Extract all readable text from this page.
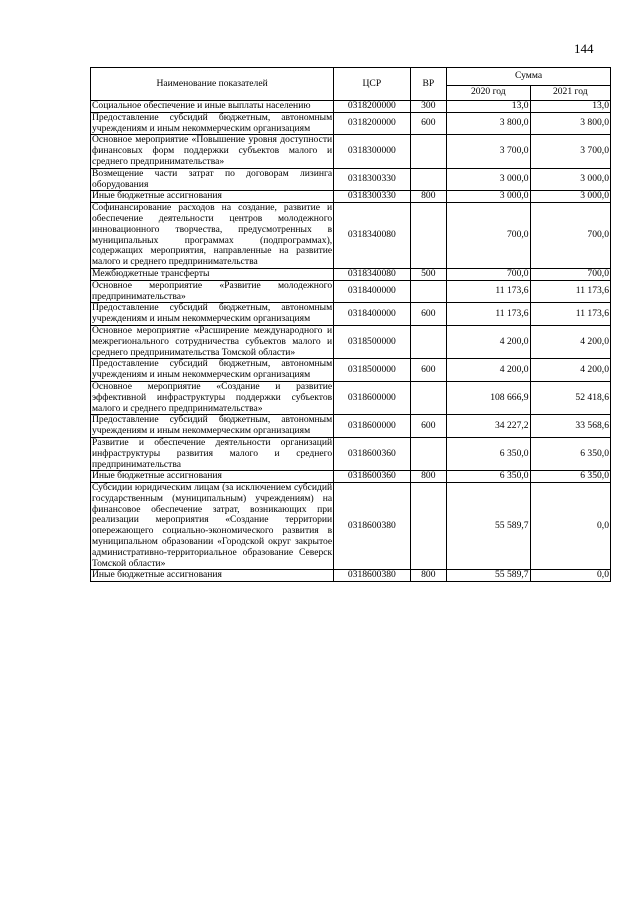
144
Наименование показателей	ЦСР	ВР	Сумма	
			2020 год	2021 год
Социальное обеспечение и иные выплаты населению	0318200000	300	13,0	13,0
Предоставление субсидий бюджетным, автономным учреждениям и иным некоммерческим организациям	0318200000	600	3 800,0	3 800,0
Основное мероприятие «Повышение уровня доступности финансовых форм поддержки субъектов малого и среднего предпринимательства»	0318300000		3 700,0	3 700,0
Возмещение части затрат по договорам лизинга оборудования	0318300330		3 000,0	3 000,0
Иные бюджетные ассигнования	0318300330	800	3 000,0	3 000,0
Софинансирование расходов на создание, развитие и обеспечение деятельности центров молодежного инновационного творчества, предусмотренных в муниципальных программах (подпрограммах), содержащих мероприятия, направленные на развитие малого и среднего предпринимательства	0318340080		700,0	700,0
Межбюджетные трансферты	0318340080	500	700,0	700,0
Основное мероприятие «Развитие молодежного предпринимательства»	0318400000		11 173,6	11 173,6
Предоставление субсидий бюджетным, автономным учреждениям и иным некоммерческим организациям	0318400000	600	11 173,6	11 173,6
Основное мероприятие «Расширение международного и межрегионального сотрудничества субъектов малого и среднего предпринимательства Томской области»	0318500000		4 200,0	4 200,0
Предоставление субсидий бюджетным, автономным учреждениям и иным некоммерческим организациям	0318500000	600	4 200,0	4 200,0
Основное мероприятие «Создание и развитие эффективной инфраструктуры поддержки субъектов малого и среднего предпринимательства»	0318600000		108 666,9	52 418,6
Предоставление субсидий бюджетным, автономным учреждениям и иным некоммерческим организациям	0318600000	600	34 227,2	33 568,6
Развитие и обеспечение деятельности организаций инфраструктуры развития малого и среднего предпринимательства	0318600360		6 350,0	6 350,0
Иные бюджетные ассигнования	0318600360	800	6 350,0	6 350,0
Субсидии юридическим лицам (за исключением субсидий государственным (муниципальным) учреждениям) на финансовое обеспечение затрат, возникающих при реализации мероприятия «Создание территории опережающего социально-экономического развития в муниципальном образовании «Городской округ закрытое административно-территориальное образование Северск Томской области»	0318600380		55 589,7	0,0
Иные бюджетные ассигнования	0318600380	800	55 589,7	0,0
